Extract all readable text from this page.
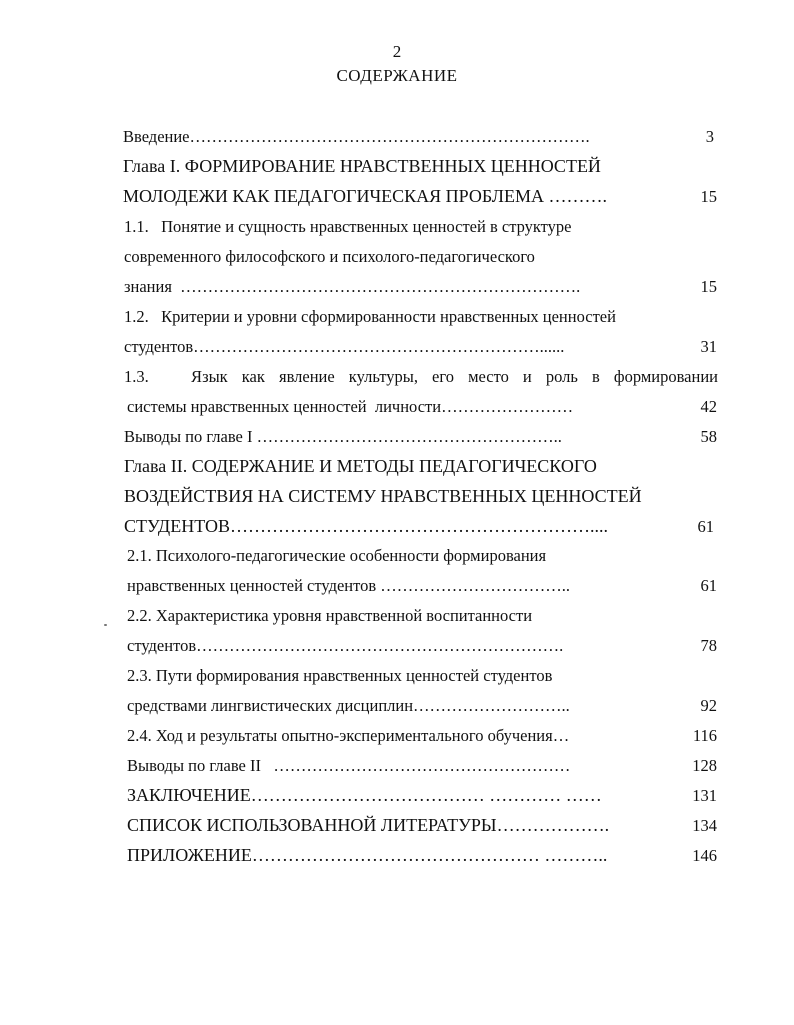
2
СОДЕРЖАНИЕ
Введение……………………………………………………………….	3
Глава I. ФОРМИРОВАНИЕ НРАВСТВЕННЫХ ЦЕННОСТЕЙ
МОЛОДЕЖИ КАК ПЕДАГОГИЧЕСКАЯ ПРОБЛЕМА ……….	15
1.1.   Понятие и сущность нравственных ценностей в структуре
современного философского и психолого-педагогического
знания  ……………………………………………………………….	15
1.2.   Критерии и уровни сформированности нравственных ценностей
студентов………………………………………………………......	31
1.3.   Язык как явление культуры, его место и роль в формировании
системы нравственных ценностей  личности……………………	42
Выводы по главе I ………………………………………………..	58
Глава II. СОДЕРЖАНИЕ И МЕТОДЫ ПЕДАГОГИЧЕСКОГО
ВОЗДЕЙСТВИЯ НА СИСТЕМУ НРАВСТВЕННЫХ ЦЕННОСТЕЙ
СТУДЕНТОВ……………………………………………………....	61
2.1. Психолого-педагогические особенности формирования
нравственных ценностей студентов ……………………………..	61
2.2. Характеристика уровня нравственной воспитанности
студентов………………………………………………………….	78
2.3. Пути формирования нравственных ценностей студентов
средствами лингвистических дисциплин………………………..	92
2.4. Ход и результаты опытно-экспериментального обучения…	116
Выводы по главе II   ………………………………………………	128
ЗАКЛЮЧЕНИЕ………………………………… ………… ……	131
СПИСОК ИСПОЛЬЗОВАННОЙ ЛИТЕРАТУРЫ……………….	134
ПРИЛОЖЕНИЕ………………………………………… ………..	146
